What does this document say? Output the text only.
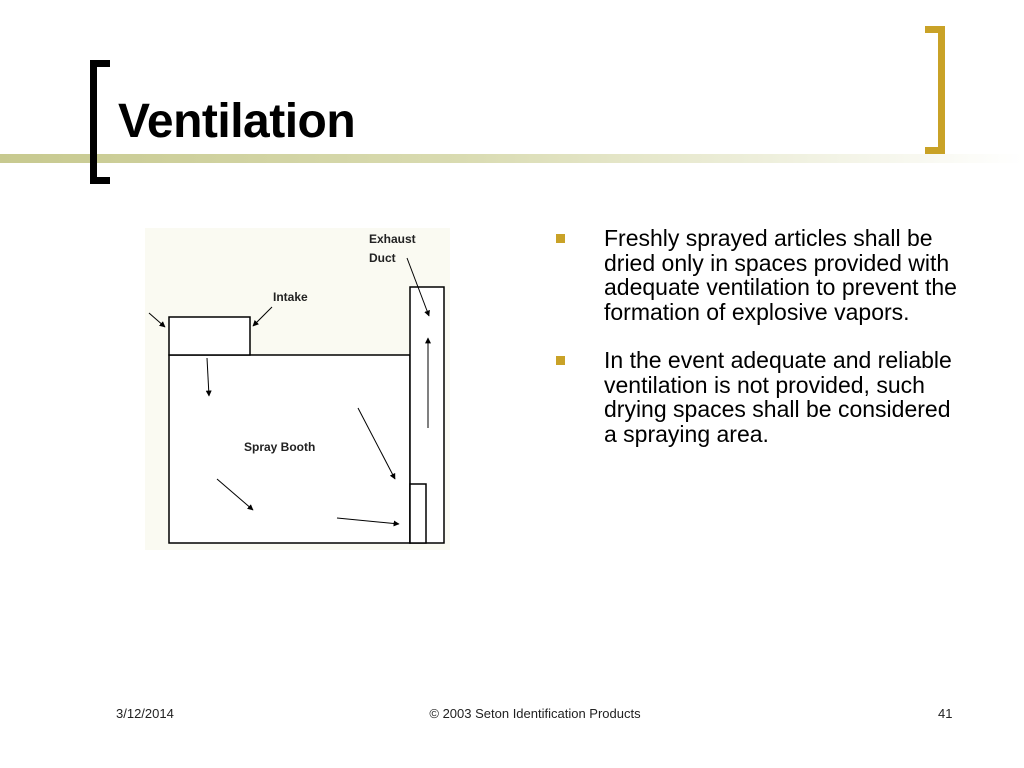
Ventilation
Exhaust
Duct
Intake
Spray Booth
Freshly sprayed articles shall be dried only in spaces provided with adequate ventilation to prevent the formation of explosive vapors.
In the event adequate and reliable ventilation is not provided, such drying spaces shall be considered a spraying area.
3/12/2014	© 2003 Seton Identification Products	41
